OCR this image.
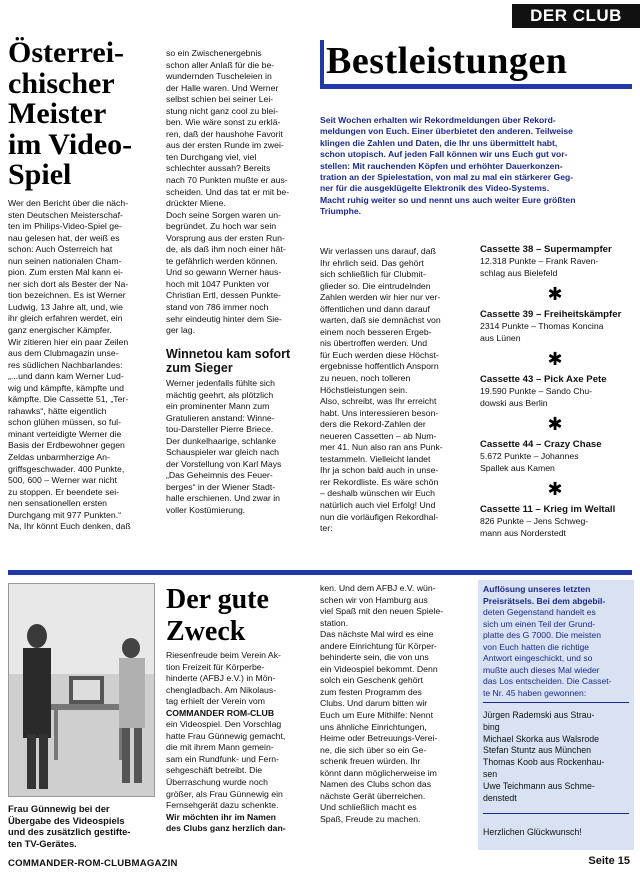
DER CLUB
Österrei-
chischer
Meister
im Video-
Spiel
Wer den Bericht über die näch-
sten Deutschen Meisterschaf-
ten im Philips-Video-Spiel ge-
nau gelesen hat, der weiß es
schon: Auch Österreich hat
nun seinen nationalen Cham-
pion. Zum ersten Mal kann ei-
ner sich dort als Bester der Na-
tion bezeichnen. Es ist Werner
Ludwig, 13 Jahre alt, und, wie
ihr gleich erfahren werdet, ein
ganz energischer Kämpfer.
Wir zitieren hier ein paar Zeilen
aus dem Clubmagazin unse-
res südlichen Nachbarlandes:
„...und dann kam Werner Lud-
wig und kämpfte, kämpfte und
kämpfte. Die Cassette 51, „Ter-
rahawks“, hätte eigentlich
schon glühen müssen, so ful-
minant verteidigte Werner die
Basis der Erdbewohner gegen
Zeldas unbarmherzige An-
griffsgeschwader. 400 Punkte,
500, 600 – Werner war nicht
zu stoppen. Er beendete sei-
nen sensationellen ersten
Durchgang mit 977 Punkten.“
Na, Ihr könnt Euch denken, daß
so ein Zwischenergebnis
schon aller Anlaß für die be-
wundernden Tuscheleien in
der Halle waren. Und Werner
selbst schien bei seiner Lei-
stung nicht ganz cool zu blei-
ben. Wie wäre sonst zu erklä-
ren, daß der haushohe Favorit
aus der ersten Runde im zwei-
ten Durchgang viel, viel
schlechter aussah? Bereits
nach 70 Punkten mußte er aus-
scheiden. Und das tat er mit be-
drückter Miene.
Doch seine Sorgen waren un-
begründet. Zu hoch war sein
Vorsprung aus der ersten Run-
de, als daß ihm noch einer hät-
te gefährlich werden können.
Und so gewann Werner haus-
hoch mit 1047 Punkten vor
Christian Ertl, dessen Punkte-
stand von 786 immer noch
sehr eindeutig hinter dem Sie-
ger lag.
Winnetou kam sofort
zum Sieger
Werner jedenfalls fühlte sich
mächtig geehrt, als plötzlich
ein prominenter Mann zum
Gratulieren anstand: Winne-
tou-Darsteller Pierre Briece.
Der dunkelhaarige, schlanke
Schauspieler war gleich nach
der Vorstellung von Karl Mays
„Das Geheimnis des Feuer-
berges“ in der Wiener Stadt-
halle erschienen. Und zwar in
voller Kostümierung.
Bestleistungen
Seit Wochen erhalten wir Rekordmeldungen über Rekord-
meldungen von Euch. Einer überbietet den anderen. Teilweise
klingen die Zahlen und Daten, die Ihr uns übermittelt habt,
schon utopisch. Auf jeden Fall können wir uns Euch gut vor-
stellen: Mit rauchenden Köpfen und erhöhter Dauerkonzen-
tration an der Spielestation, von mal zu mal ein stärkerer Geg-
ner für die ausgeklügelte Elektronik des Video-Systems.
Macht ruhig weiter so und nennt uns auch weiter Eure größten
Triumphe.
Wir verlassen uns darauf, daß
Ihr ehrlich seid. Das gehört
sich schließlich für Clubmit-
glieder so. Die eintrudelnden
Zahlen werden wir hier nur ver-
öffentlichen und dann darauf
warten, daß sie demnächst von
einem noch besseren Ergeb-
nis übertroffen werden. Und
für Euch werden diese Höchst-
ergebnisse hoffentlich Ansporn
zu neuen, noch tolleren
Höchstleistungen sein.
Also, schreibt, was Ihr erreicht
habt. Uns interessieren beson-
ders die Rekord-Zahlen der
neueren Cassetten – ab Num-
mer 41. Nun also ran ans Punk-
testammeln. Vielleicht landet
Ihr ja schon bald auch in unse-
rer Rekordliste. Es wäre schön
– deshalb wünschen wir Euch
natürlich auch viel Erfolg! Und
nun die vorläufigen Rekordhal-
ter:
Cassette 38 – Supermampfer
12.318 Punkte – Frank Raven-
schlag aus Bielefeld
✱
Cassette 39 – Freiheitskämpfer
2314 Punkte – Thomas Koncina
aus Lünen
✱
Cassette 43 – Pick Axe Pete
19.590 Punkte – Sando Chu-
dowski aus Berlin
✱
Cassette 44 – Crazy Chase
5.672 Punkte – Johannes
Spallek aus Kamen
✱
Cassette 11 – Krieg im Weltall
826 Punkte – Jens Schweg-
mann aus Norderstedt
Frau Günnewig bei der
Übergabe des Videospiels
und des zusätzlich gestifte-
ten TV-Gerätes.
Der gute
Zweck
Riesenfreude beim Verein Ak-
tion Freizeit für Körperbe-
hinderte (AFBJ e.V.) in Mön-
chengladbach. Am Nikolaus-
tag erhielt der Verein vom
COMMANDER ROM-CLUB
ein Videospiel. Den Vorschlag
hatte Frau Günnewig gemacht,
die mit ihrem Mann gemein-
sam ein Rundfunk- und Fern-
sehgeschäft betreibt. Die
Überraschung wurde noch
größer, als Frau Günnewig ein
Fernsehgerät dazu schenkte.
Wir möchten ihr im Namen
des Clubs ganz herzlich dan-
ken. Und dem AFBJ e.V. wün-
schen wir von Hamburg aus
viel Spaß mit den neuen Spiele-
station.
Das nächste Mal wird es eine
andere Einrichtung für Körper-
behinderte sein, die von uns
ein Videospiel bekommt. Denn
solch ein Geschenk gehört
zum festen Programm des
Clubs. Und darum bitten wir
Euch um Eure Mithilfe: Nennt
uns ähnliche Einrichtungen,
Heime oder Betreuungs-Verei-
ne, die sich über so ein Ge-
schenk freuen würden. Ihr
könnt dann möglicherweise im
Namen des Clubs schon das
nächste Gerät überreichen.
Und schließlich macht es
Spaß, Freude zu machen.
Auflösung unseres letzten
Preisrätsels. Bei dem abgebil-
deten Gegenstand handelt es
sich um einen Teil der Grund-
platte des G 7000. Die meisten
von Euch hatten die richtige
Antwort eingeschickt, und so
mußte auch dieses Mal wieder
das Los entscheiden. Die Casset-
te Nr. 45 haben gewonnen:
Jürgen Rademski aus Strau-
bing
Michael Skorka aus Walsrode
Stefan Stuntz aus München
Thomas Koob aus Rockenhau-
sen
Uwe Teichmann aus Schme-
denstedt
Herzlichen Glückwunsch!
COMMANDER-ROM-CLUBMAGAZIN	Seite 15
